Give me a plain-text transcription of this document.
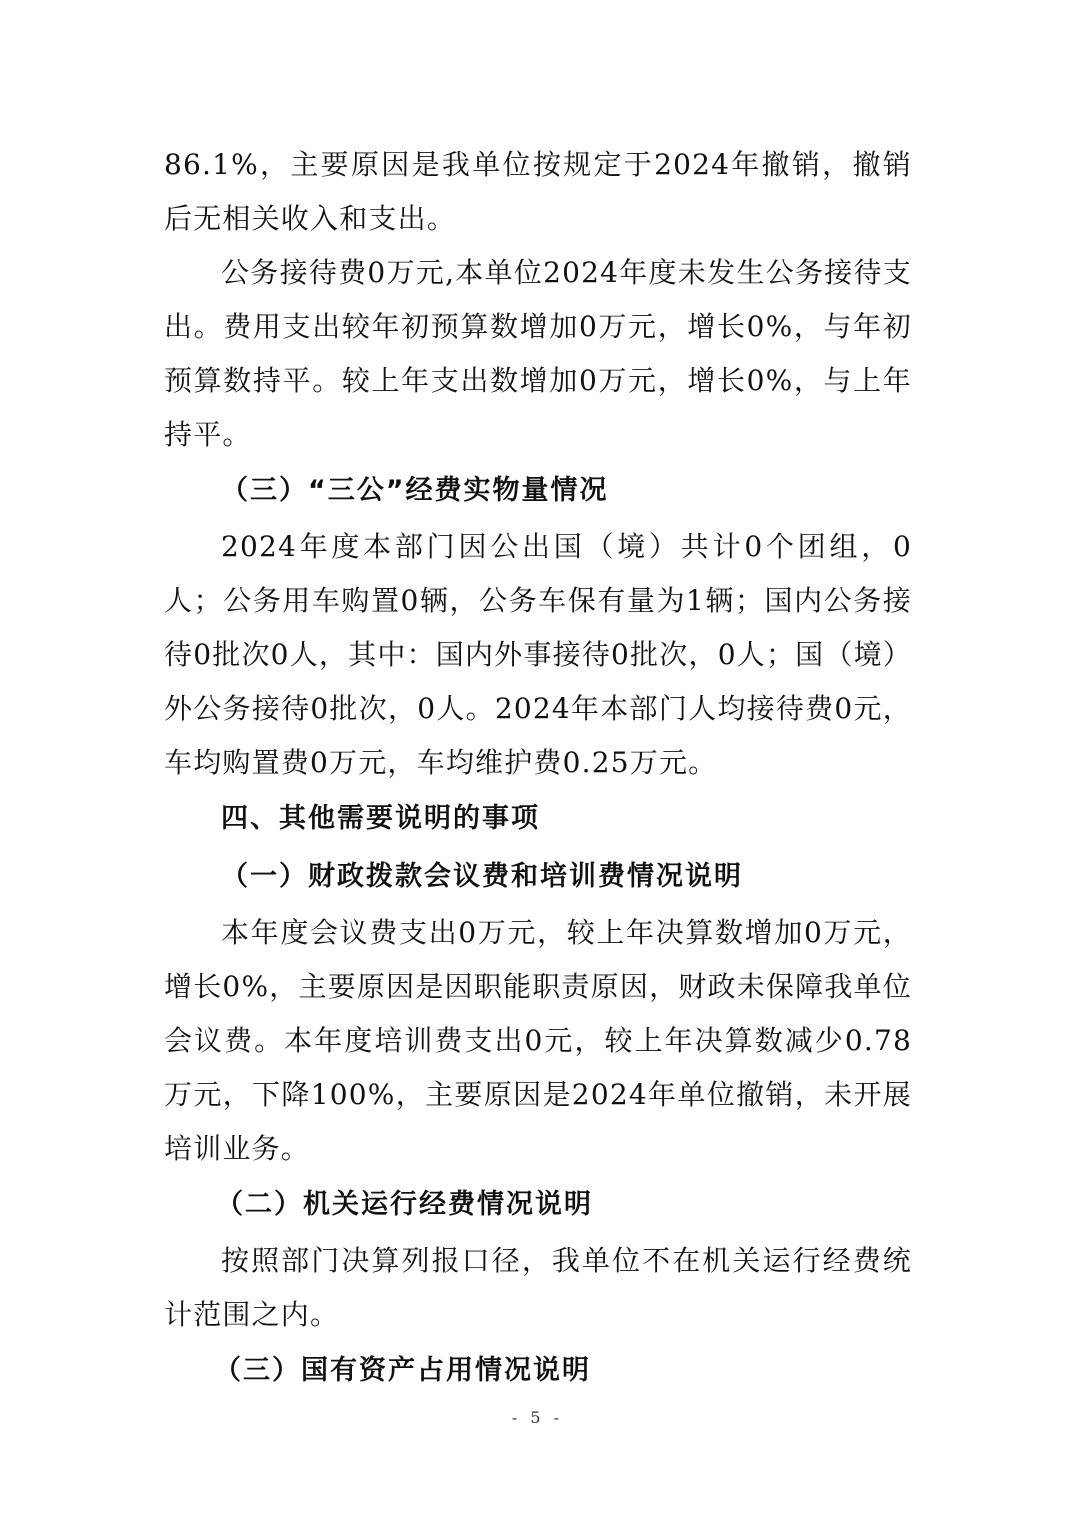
86.1%，主要原因是我单位按规定于2024年撤销，撤销后无相关收入和支出。

公务接待费0万元,本单位2024年度未发生公务接待支出。费用支出较年初预算数增加0万元，增长0%，与年初预算数持平。较上年支出数增加0万元，增长0%，与上年持平。

（三）“三公”经费实物量情况

2024年度本部门因公出国（境）共计0个团组，0人；公务用车购置0辆，公务车保有量为1辆；国内公务接待0批次0人，其中：国内外事接待0批次，0人；国（境）外公务接待0批次，0人。2024年本部门人均接待费0元，车均购置费0万元，车均维护费0.25万元。

四、其他需要说明的事项
（一）财政拨款会议费和培训费情况说明

本年度会议费支出0万元，较上年决算数增加0万元，增长0%，主要原因是因职能职责原因，财政未保障我单位会议费。本年度培训费支出0元，较上年决算数减少0.78万元，下降100%，主要原因是2024年单位撤销，未开展培训业务。

（二）机关运行经费情况说明

按照部门决算列报口径，我单位不在机关运行经费统计范围之内。

（三）国有资产占用情况说明
- 5 -
